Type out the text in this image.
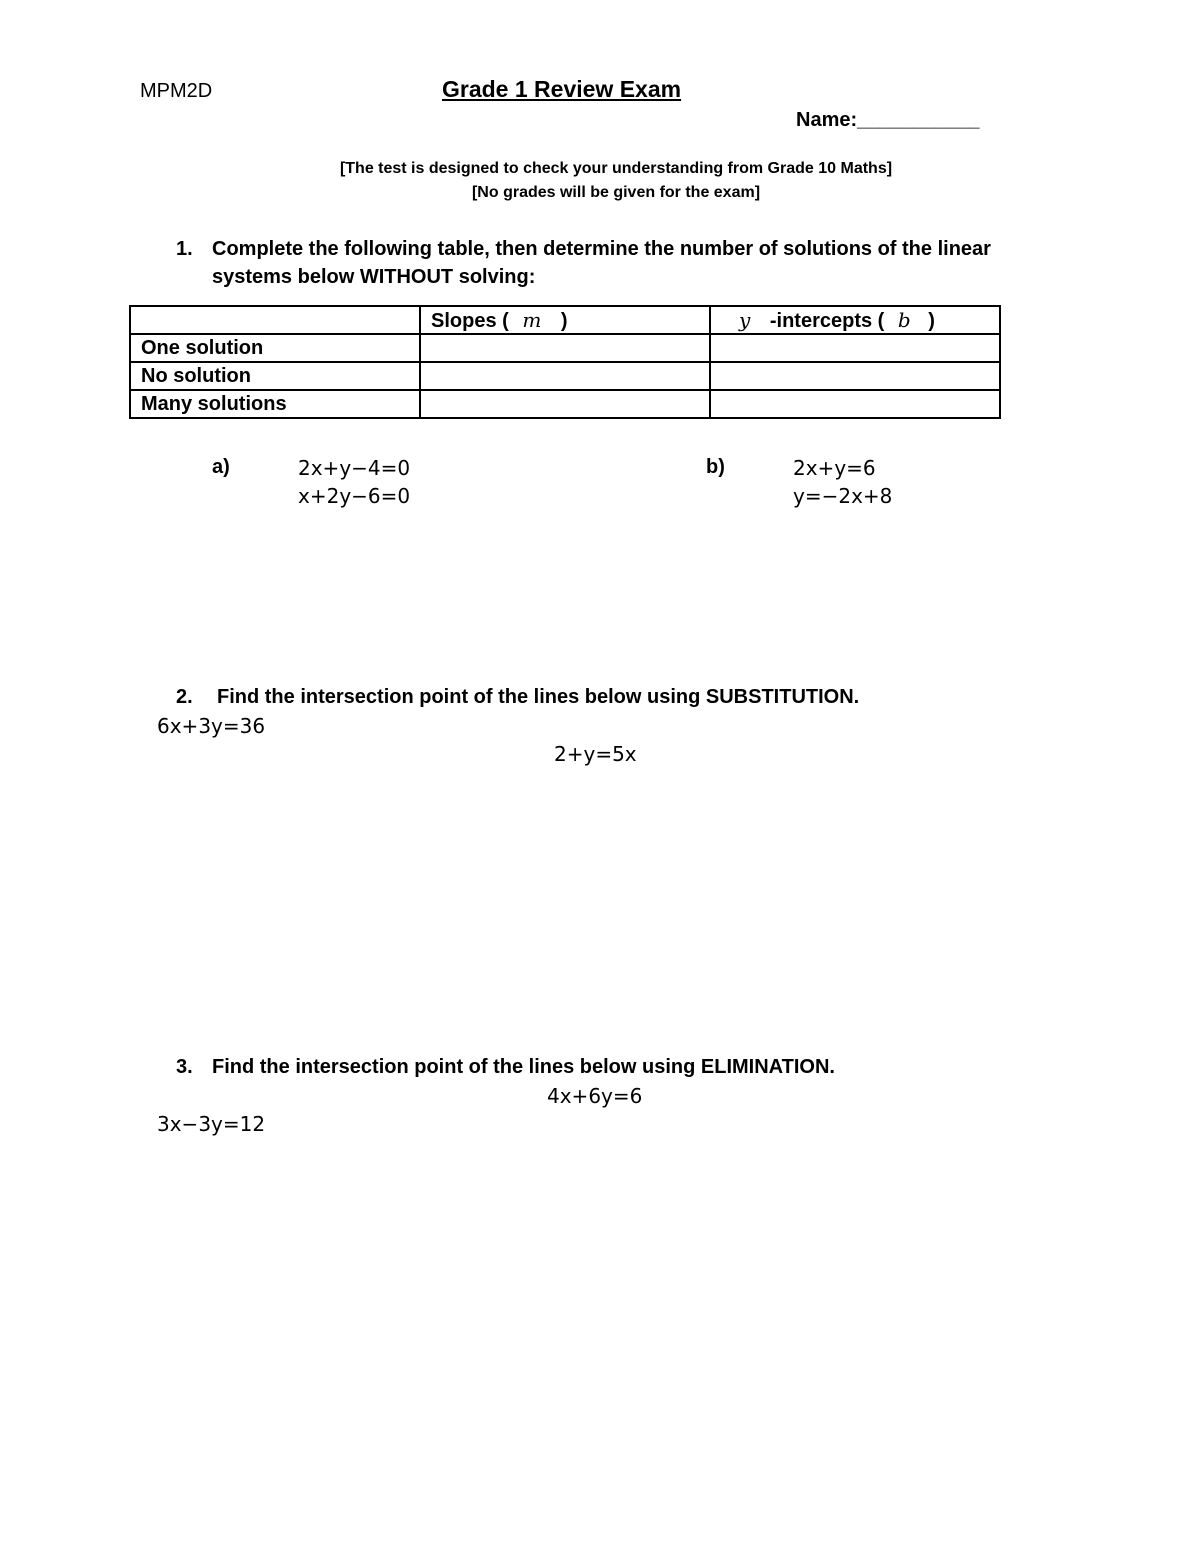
MPM2D	Grade 1 Review Exam
Name:___________
[The test is designed to check your understanding from Grade 10 Maths]
[No grades will be given for the exam]
1. Complete the following table, then determine the number of solutions of the linear
systems below WITHOUT solving:
	Slopes ( m )	y -intercepts ( b )
One solution		
No solution		
Many solutions		
a)	2x+y−4=0
x+2y−6=0
b)	2x+y=6
y=−2x+8
2. Find the intersection point of the lines below using SUBSTITUTION.
6x+3y=36
2+y=5x
3. Find the intersection point of the lines below using ELIMINATION.
4x+6y=6
3x−3y=12
